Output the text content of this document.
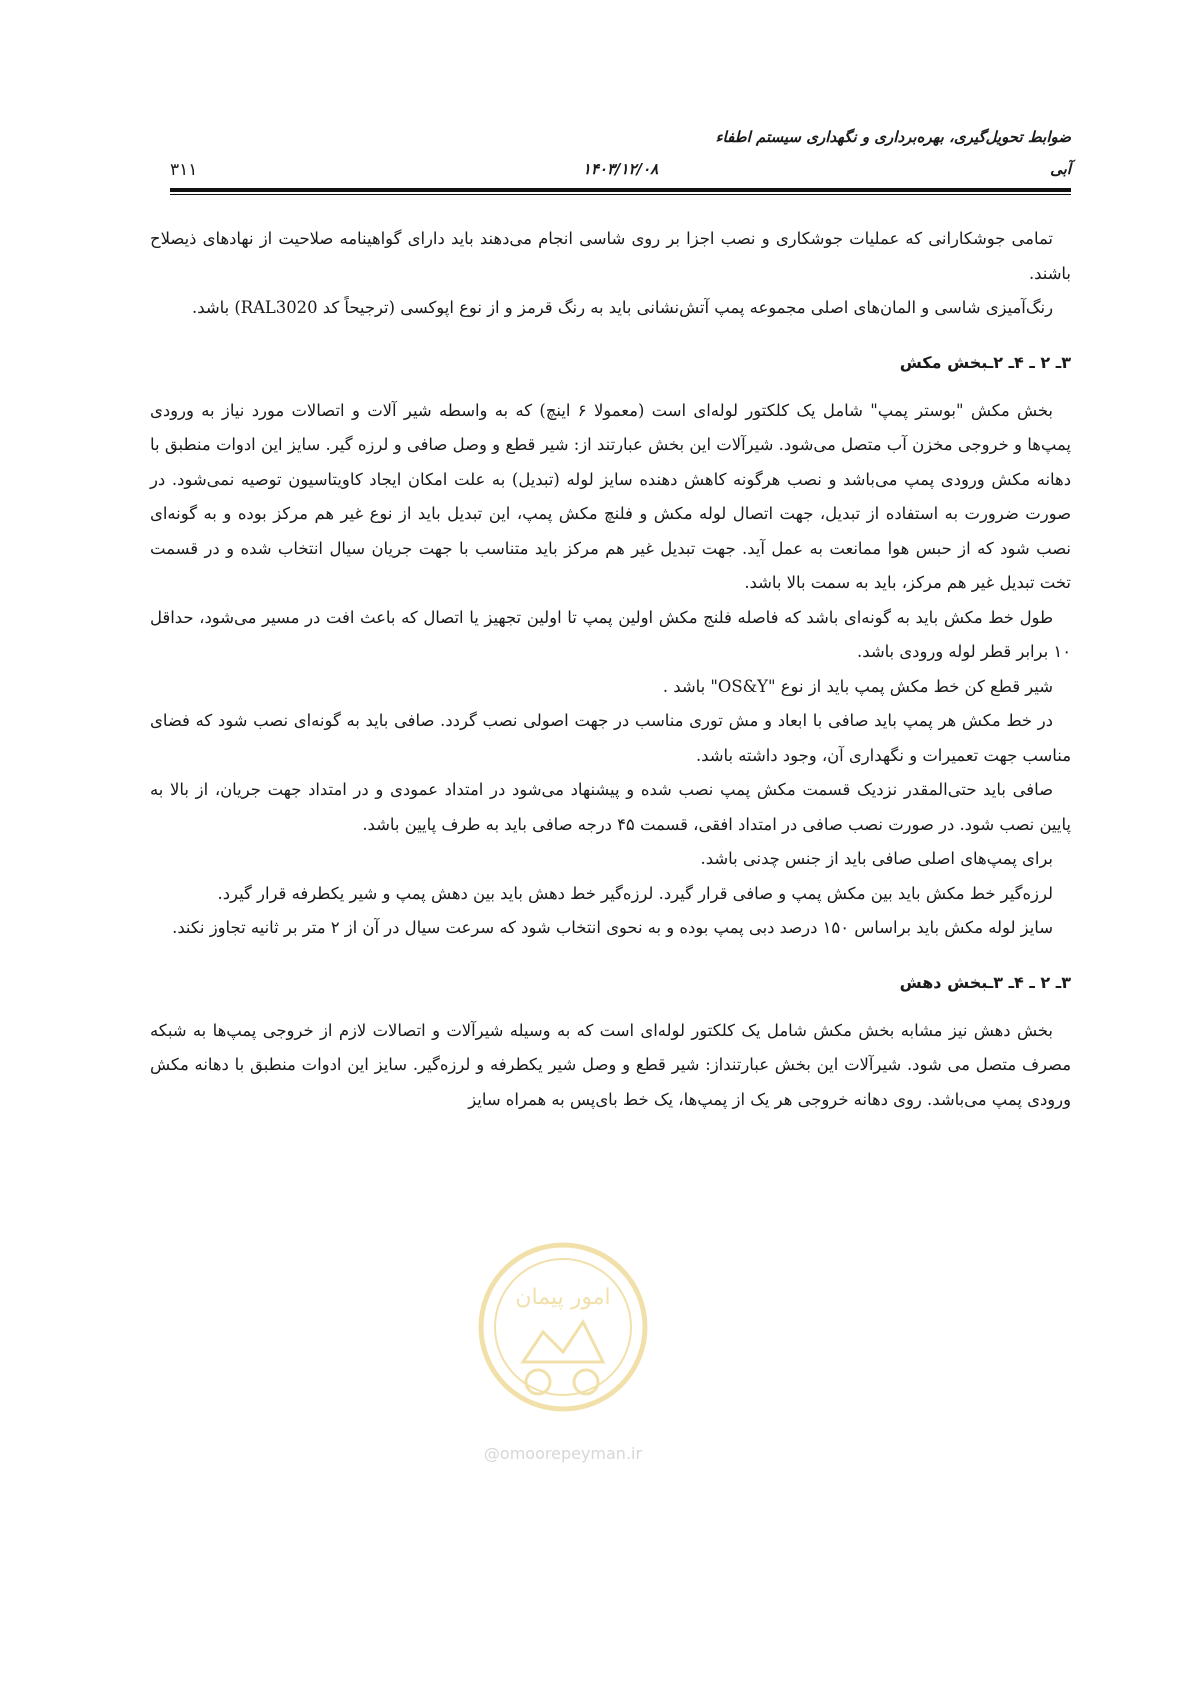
ضوابط تحویل‌گیری، بهره‌برداری و نگهداری سیستم اطفاء
آبی
۱۴۰۳/۱۲/۰۸
۳۱۱

تمامی جوشکارانی که عملیات جوشکاری و نصب اجزا بر روی شاسی انجام می‌دهند باید دارای گواهینامه صلاحیت از نهادهای ذیصلاح باشند.

رنگ‌آمیزی شاسی و المان‌های اصلی مجموعه پمپ آتش‌نشانی باید به رنگ قرمز و از نوع اپوکسی (ترجیحاً کد RAL3020) باشد.

۳ـ ۲ ـ ۴ـ ۲ـبخش مکش

بخش مکش "بوستر پمپ" شامل یک کلکتور لوله‌ای است (معمولا ۶ اینچ) که به واسطه شیر آلات و اتصالات مورد نیاز به ورودی پمپ‌ها و خروجی مخزن آب متصل می‌شود. شیرآلات این بخش عبارتند از: شیر قطع و وصل صافی و لرزه گیر. سایز این ادوات منطبق با دهانه مکش ورودی پمپ می‌باشد و نصب هرگونه کاهش دهنده سایز لوله (تبدیل) به علت امکان ایجاد کاویتاسیون توصیه نمی‌شود. در صورت ضرورت به استفاده از تبدیل، جهت اتصال لوله مکش و فلنچ مکش پمپ، این تبدیل باید از نوع غیر هم مرکز بوده و به گونه‌ای نصب شود که از حبس هوا ممانعت به عمل آید. جهت تبدیل غیر هم مرکز باید متناسب با جهت جریان سیال انتخاب شده و در قسمت تخت تبدیل غیر هم مرکز، باید به سمت بالا باشد.

طول خط مکش باید به گونه‌ای باشد که فاصله فلنج مکش اولین پمپ تا اولین تجهیز یا اتصال که باعث افت در مسیر می‌شود، حداقل ۱۰ برابر قطر لوله ورودی باشد.

شیر قطع کن خط مکش پمپ باید از نوع "OS&Y" باشد .

در خط مکش هر پمپ باید صافی با ابعاد و مش توری مناسب در جهت اصولی نصب گردد. صافی باید به گونه‌ای نصب شود که فضای مناسب جهت تعمیرات و نگهداری آن، وجود داشته باشد.

صافی باید حتی‌المقدر نزدیک قسمت مکش پمپ نصب شده و پیشنهاد می‌شود در امتداد عمودی و در امتداد جهت جریان، از بالا به پایین نصب شود. در صورت نصب صافی در امتداد افقی، قسمت ۴۵ درجه صافی باید به طرف پایین باشد.

برای پمپ‌های اصلی صافی باید از جنس چدنی باشد.

لرزه‌گیر خط مکش باید بین مکش پمپ و صافی قرار گیرد. لرزه‌گیر خط دهش باید بین دهش پمپ و شیر یکطرفه قرار گیرد.

سایز لوله مکش باید براساس ۱۵۰ درصد دبی پمپ بوده و به نحوی انتخاب شود که سرعت سیال در آن از ۲ متر بر ثانیه تجاوز نکند.

۳ـ ۲ ـ ۴ـ ۳ـبخش دهش

بخش دهش نیز مشابه بخش مکش شامل یک کلکتور لوله‌ای است که به وسیله شیرآلات و اتصالات لازم از خروجی پمپ‌ها به شبکه مصرف متصل می شود. شیرآلات این بخش عبارتنداز: شیر قطع و وصل شیر یکطرفه و لرزه‌گیر. سایز این ادوات منطبق با دهانه مکش ورودی پمپ می‌باشد. روی دهانه خروجی هر یک از پمپ‌ها، یک خط بای‌پس به همراه سایز

امور پیمان
@omoorepeyman.ir
